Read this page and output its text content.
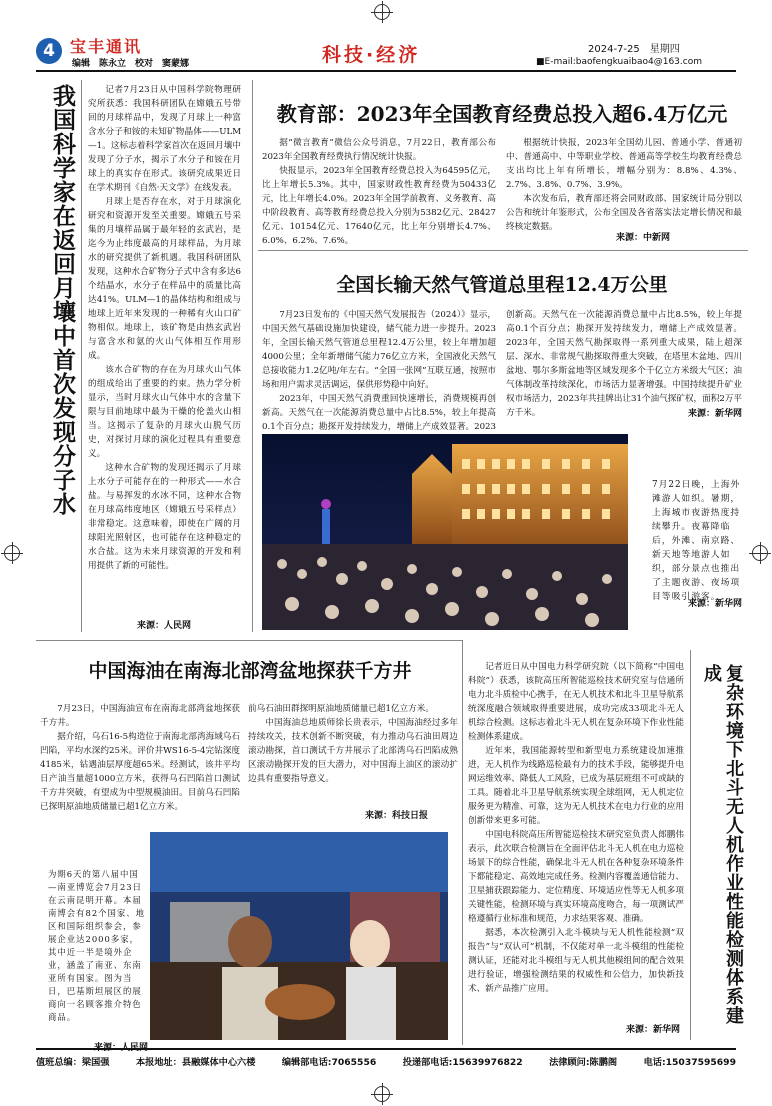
4 宝丰通讯
编辑　陈永立　校对　窦蒙娜	科技·经济	2024-7-25　星期四
■E-mail:baofengkuaibao4@163.com
我国科学家在返回月壤中首次发现分子水	记者7月23日从中国科学院物理研究所获悉：我国科研团队在嫦娥五号带回的月球样品中，发现了月球上一种富含水分子和铵的未知矿物晶体——ULM—1。这标志着科学家首次在返回月壤中发现了分子水，揭示了水分子和铵在月球上的真实存在形式。该研究成果近日在学术期刊《自然·天文学》在线发表。

月球上是否存在水，对于月球演化研究和资源开发至关重要。嫦娥五号采集的月壤样品属于最年轻的玄武岩，是迄今为止纬度最高的月球样品，为月球水的研究提供了新机遇。我国科研团队发现，这种水合矿物分子式中含有多达6个结晶水，水分子在样品中的质量比高达41%。ULM—1的晶体结构和组成与地球上近年来发现的一种稀有火山口矿物相似。地球上，该矿物是由热玄武岩与富含水和氨的火山气体相互作用形成。

该水合矿物的存在为月球火山气体的组成给出了重要的约束。热力学分析显示，当时月球火山气体中水的含量下限与目前地球中最为干燥的伦盖火山相当。这揭示了复杂的月球火山脱气历史，对探讨月球的演化过程具有重要意义。

这种水合矿物的发现还揭示了月球上水分子可能存在的一种形式——水合盐。与易挥发的水冰不同，这种水合物在月球高纬度地区（嫦娥五号采样点）非常稳定。这意味着，即使在广阔的月球阳光照射区，也可能存在这种稳定的水合盐。这为未来月球资源的开发和利用提供了新的可能性。

来源：人民网
教育部：2023年全国教育经费总投入超6.4万亿元

据“微言教育”微信公众号消息，7月22日，教育部公布2023年全国教育经费执行情况统计快报。

快报显示，2023年全国教育经费总投入为64595亿元，比上年增长5.3%。其中，国家财政性教育经费为50433亿元，比上年增长4.0%。2023年全国学前教育、义务教育、高中阶段教育、高等教育经费总投入分别为5382亿元、28427亿元、10154亿元、17640亿元，比上年分别增长4.7%、6.0%、6.2%、7.6%。

根据统计快报，2023年全国幼儿园、普通小学、普通初中、普通高中、中等职业学校、普通高等学校生均教育经费总支出均比上年有所增长，增幅分别为：8.8%、4.3%、2.7%、3.8%、0.7%、3.9%。

本次发布后，教育部还将会同财政部、国家统计局分别以公告和统计年鉴形式，公布全国及各省落实法定增长情况和最终核定数据。

来源：中新网
全国长输天然气管道总里程12.4万公里

7月23日发布的《中国天然气发展报告（2024）》显示，中国天然气基础设施加快建设，储气能力进一步提升。2023年，全国长输天然气管道总里程12.4万公里，较上年增加超4000公里；全年新增储气能力76亿立方米，全国液化天然气总接收能力1.2亿吨/年左右。“全国一张网”互联互通，按照市场和用户需求灵活调运，保供形势稳中向好。

2023年，中国天然气消费重回快速增长，消费规模再创新高。天然气在一次能源消费总量中占比8.5%，较上年提高0.1个百分点；勘探开发持续发力，增储上产成效显著。2023

创新高。天然气在一次能源消费总量中占比8.5%，较上年提高0.1个百分点；勘探开发持续发力，增储上产成效显著。2023年，全国天然气勘探取得一系列重大成果，陆上超深层、深水、非常规气勘探取得重大突破，在塔里木盆地、四川盆地、鄂尔多斯盆地等区域发现多个千亿立方米级大气区；油气体制改革持续深化，市场活力显著增强。中国持续提升矿业权市场活力，2023年共挂牌出让31个油气探矿权，面积2万平方千米。	来源：新华网
7月22日晚，上海外滩游人如织。暑期，上海城市夜游热度持续攀升。夜幕降临后，外滩、南京路、新天地等地游人如织，部分景点也推出了主题夜游、夜场项目等吸引游客。
来源：新华网
中国海油在南海北部湾盆地探获千方井

7月23日，中国海油宣布在南海北部湾盆地探获千方井。

据介绍，乌石16-5构造位于南海北部湾海域乌石凹陷，平均水深约25米。评价井WS16-5-4完钻深度4185米，钻遇油层厚度超65米。经测试，该井平均日产油当量超1000立方米，获得乌石凹陷首口测试千方井突破，有望成为中型规模油田。目前乌石凹陷已探明原油地质储量已超1亿立方米。

前乌石油田群探明原油地质储量已超1亿立方米。

中国海油总地质师徐长贵表示，中国海油经过多年持续攻关，技术创新不断突破，有力推动乌石油田周边滚动勘探，首口测试千方井展示了北部湾乌石凹陷成熟区滚动勘探开发的巨大潜力，对中国海上油区的滚动扩边具有重要指导意义。

来源：科技日报
为期6天的第八届中国—南亚博览会7月23日在云南昆明开幕。本届南博会有82个国家、地区和国际组织参会，参展企业达2000多家，其中近一半是境外企业，涵盖了南亚、东南亚所有国家。图为当日，巴基斯坦展区的展商向一名顾客推介特色商品。

记者近日从中国电力科学研究院（以下简称“中国电科院”）获悉，该院高压所智能巡检技术研究室与信通所电力北斗质检中心携手，在无人机技术和北斗卫星导航系统深度融合领域取得重要进展，成功完成33项北斗无人机综合检测。这标志着北斗无人机在复杂环境下作业性能检测体系建成。

近年来，我国能源转型和新型电力系统建设加速推进，无人机作为线路巡检最有力的技术手段，能够提升电网运维效率、降低人工风险，已成为基层班组不可或缺的工具。随着北斗卫星导航系统实现全球组网，无人机定位服务更为精准、可靠，这为无人机技术在电力行业的应用创新带来更多可能。

中国电科院高压所智能巡检技术研究室负责人郎鹏伟表示，此次联合检测旨在全面评估北斗无人机在电力巡检场景下的综合性能，确保北斗无人机在各种复杂环境条件下都能稳定、高效地完成任务。检测内容覆盖通信能力、卫星捕获跟踪能力、定位精度、环境适应性等无人机多项关键性能，检测环境与真实环境高度吻合，每一项测试严格遵循行业标准和规范，力求结果客观、准确。

据悉，本次检测引入北斗模块与无人机性能检测“双报告”与“双认可”机制，不仅能对单一北斗模组的性能检测认证，还能对北斗模组与无人机其他模组间的配合效果进行验证，增强检测结果的权威性和公信力，加快新技术、新产品推广应用。

来源：新华网
复杂环境下北斗无人机作业性能检测体系建成
值班总编：梁国强	本报地址：县融媒体中心六楼	编辑部电话:7065556	投递部电话:15639976822	法律顾问:陈鹏阁	电话:15037595699
